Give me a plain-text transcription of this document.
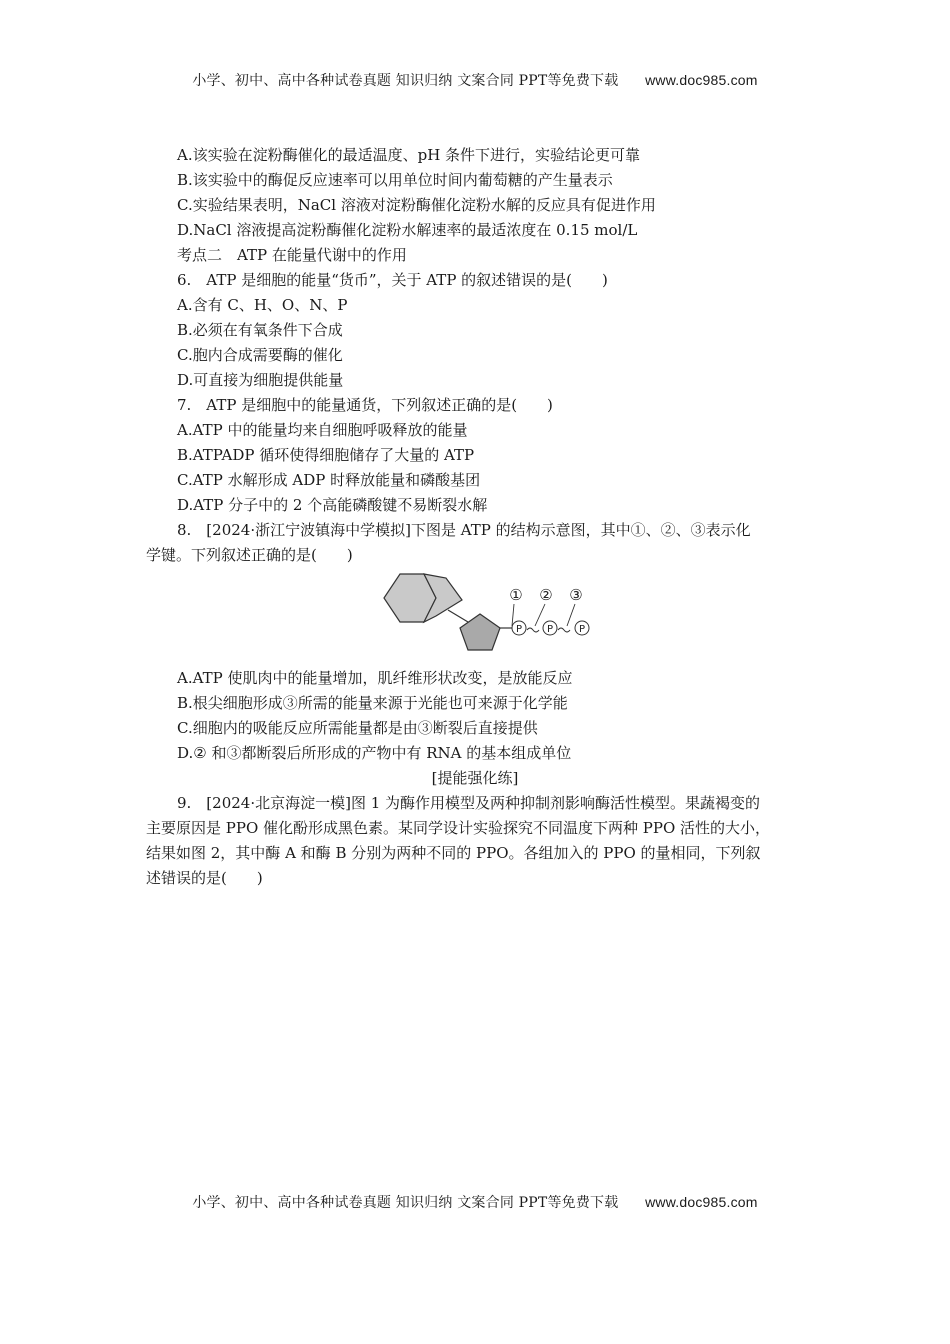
小学、初中、高中各种试卷真题 知识归纳 文案合同 PPT等免费下载 www.doc985.com
A.该实验在淀粉酶催化的最适温度、pH 条件下进行，实验结论更可靠
B.该实验中的酶促反应速率可以用单位时间内葡萄糖的产生量表示
C.实验结果表明，NaCl 溶液对淀粉酶催化淀粉水解的反应具有促进作用
D.NaCl 溶液提高淀粉酶催化淀粉水解速率的最适浓度在 0.15 mol/L
考点二　ATP 在能量代谢中的作用
6.　ATP 是细胞的能量“货币”，关于 ATP 的叙述错误的是(　　)
A.含有 C、H、O、N、P
B.必须在有氧条件下合成
C.胞内合成需要酶的催化
D.可直接为细胞提供能量
7.　ATP 是细胞中的能量通货，下列叙述正确的是(　　)
A.ATP 中的能量均来自细胞呼吸释放的能量
B.ATPADP 循环使得细胞储存了大量的 ATP
C.ATP 水解形成 ADP 时释放能量和磷酸基团
D.ATP 分子中的 2 个高能磷酸键不易断裂水解
8.　[2024·浙江宁波镇海中学模拟]下图是 ATP 的结构示意图，其中①、②、③表示化
学键。下列叙述正确的是(　　)
P P	P
① ② ③
A.ATP 使肌肉中的能量增加，肌纤维形状改变，是放能反应
B.根尖细胞形成③所需的能量来源于光能也可来源于化学能
C.细胞内的吸能反应所需能量都是由③断裂后直接提供
D.② 和③都断裂后所形成的产物中有 RNA 的基本组成单位
[提能强化练]
9.　[2024·北京海淀一模]图 1 为酶作用模型及两种抑制剂影响酶活性模型。果蔬褐变的
主要原因是 PPO 催化酚形成黑色素。某同学设计实验探究不同温度下两种 PPO 活性的大小，
结果如图 2，其中酶 A 和酶 B 分别为两种不同的 PPO。各组加入的 PPO 的量相同，下列叙
述错误的是(　　)
小学、初中、高中各种试卷真题 知识归纳 文案合同 PPT等免费下载 www.doc985.com
